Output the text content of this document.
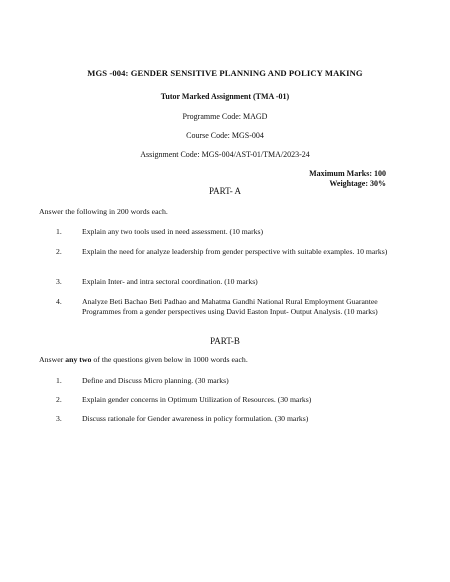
MGS -004: GENDER SENSITIVE PLANNING AND POLICY MAKING
Tutor Marked Assignment (TMA -01)
Programme Code: MAGD
Course Code: MGS-004
Assignment Code: MGS-004/AST-01/TMA/2023-24
Maximum Marks: 100
Weightage: 30%
PART- A
Answer the following in 200 words each.
1.	Explain any two tools used in need assessment. (10 marks)
2.	Explain the need for analyze leadership from gender perspective with suitable examples. 10 marks)
3.	Explain Inter- and intra sectoral coordination. (10 marks)
4.	Analyze Beti Bachao Beti Padhao and Mahatma Gandhi National Rural Employment Guarantee Programmes from a gender perspectives using David Easton Input- Output Analysis. (10 marks)
PART-B
Answer any two of the questions given below in 1000 words each.
1.	Define and Discuss Micro planning. (30 marks)
2.	Explain gender concerns in Optimum Utilization of Resources. (30 marks)
3.	Discuss rationale for Gender awareness in policy formulation. (30 marks)
